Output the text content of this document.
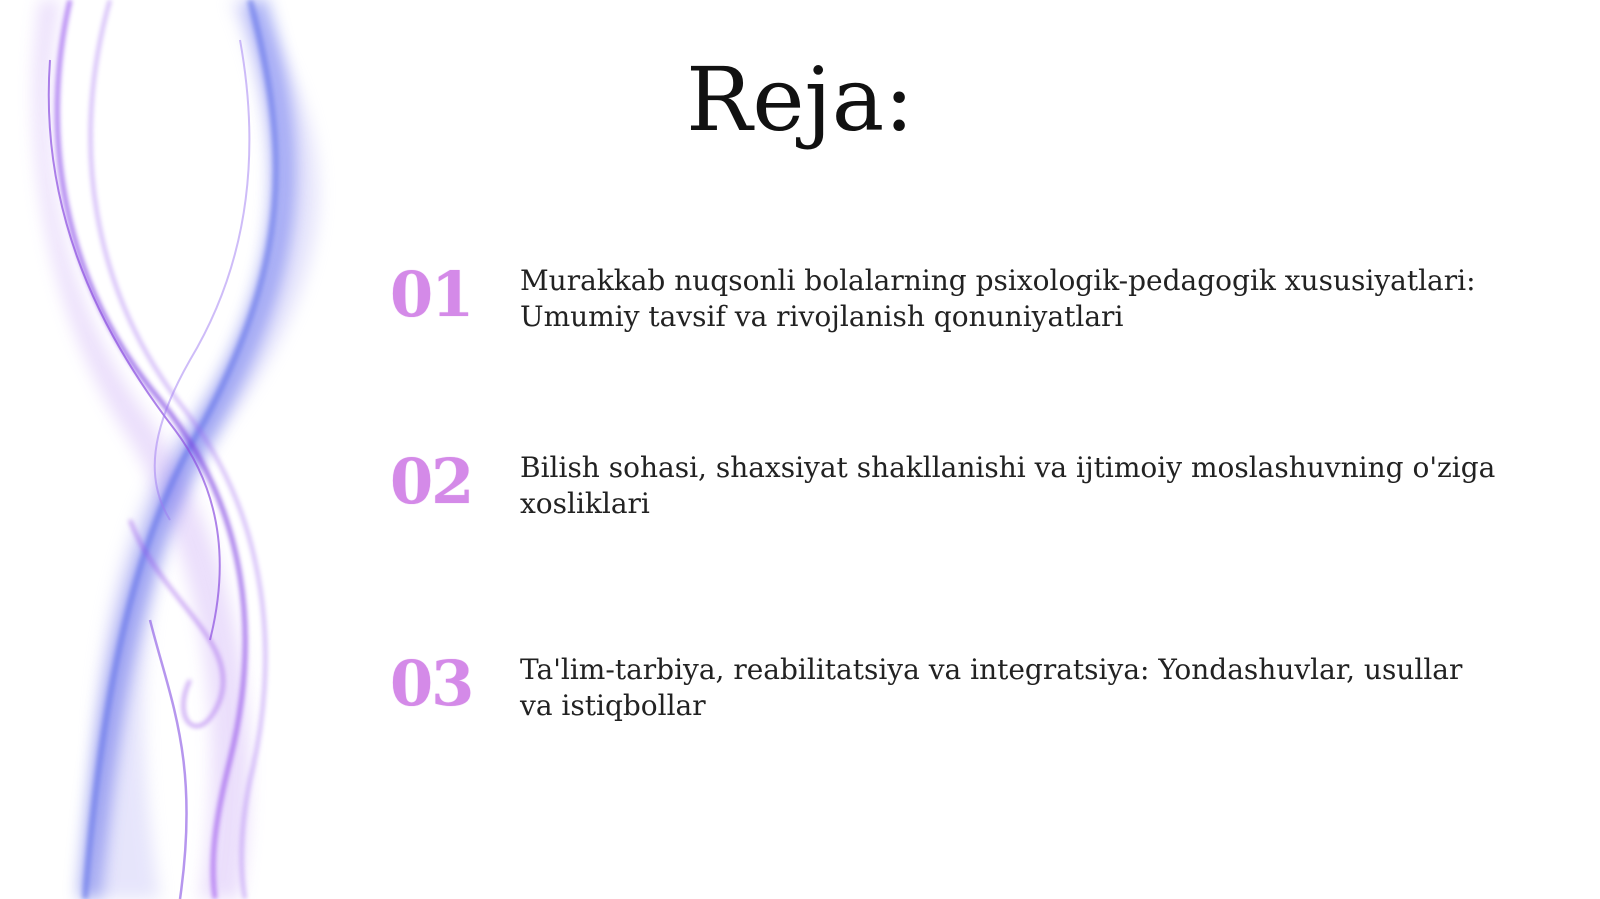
Reja:
01	Murakkab nuqsonli bolalarning psixologik-pedagogik xususiyatlari: Umumiy tavsif va rivojlanish qonuniyatlari
02	Bilish sohasi, shaxsiyat shakllanishi va ijtimoiy moslashuvning o'ziga xosliklari
03	Ta'lim-tarbiya, reabilitatsiya va integratsiya: Yondashuvlar, usullar va istiqbollar
